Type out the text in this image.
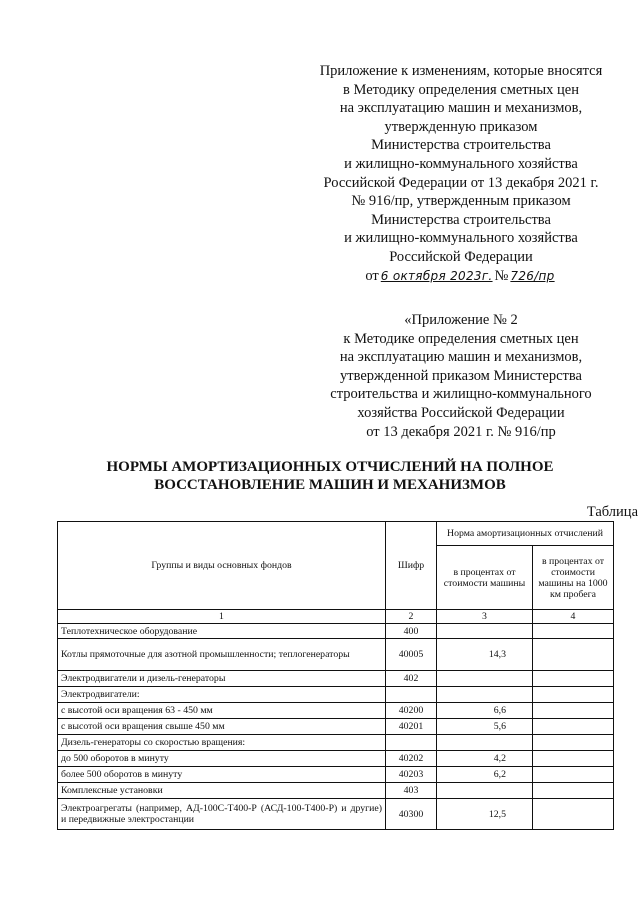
Приложение к изменениям, которые вносятся
в Методику определения сметных цен
на эксплуатацию машин и механизмов,
утвержденную приказом
Министерства строительства
и жилищно-коммунального хозяйства
Российской Федерации от 13 декабря 2021 г.
№ 916/пр, утвержденным приказом
Министерства строительства
и жилищно-коммунального хозяйства
Российской Федерации
от 6 октября 2023г. № 726/пр
«Приложение № 2
к Методике определения сметных цен
на эксплуатацию машин и механизмов,
утвержденной приказом Министерства
строительства и жилищно-коммунального
хозяйства Российской Федерации
от 13 декабря 2021 г. № 916/пр
НОРМЫ АМОРТИЗАЦИОННЫХ ОТЧИСЛЕНИЙ НА ПОЛНОЕ
ВОССТАНОВЛЕНИЕ МАШИН И МЕХАНИЗМОВ
Таблица
Группы и виды основных фондов	Шифр	Норма амортизационных отчислений	
		в процентах от стоимости машины	в процентах от стоимости машины на 1000 км пробега
1	2	3	4
Теплотехническое оборудование	400		
Котлы прямоточные для азотной промышленности; теплогенераторы	40005	14,3	
Электродвигатели и дизель-генераторы	402		
Электродвигатели:			
с высотой оси вращения 63 - 450 мм	40200	6,6	
с высотой оси вращения свыше 450 мм	40201	5,6	
Дизель-генераторы со скоростью вращения:			
до 500 оборотов в минуту	40202	4,2	
более 500 оборотов в минуту	40203	6,2	
Комплексные установки	403		
Электроагрегаты (например, АД-100С-Т400-Р (АСД-100-Т400-Р) и другие) и передвижные электростанции	40300	12,5	
